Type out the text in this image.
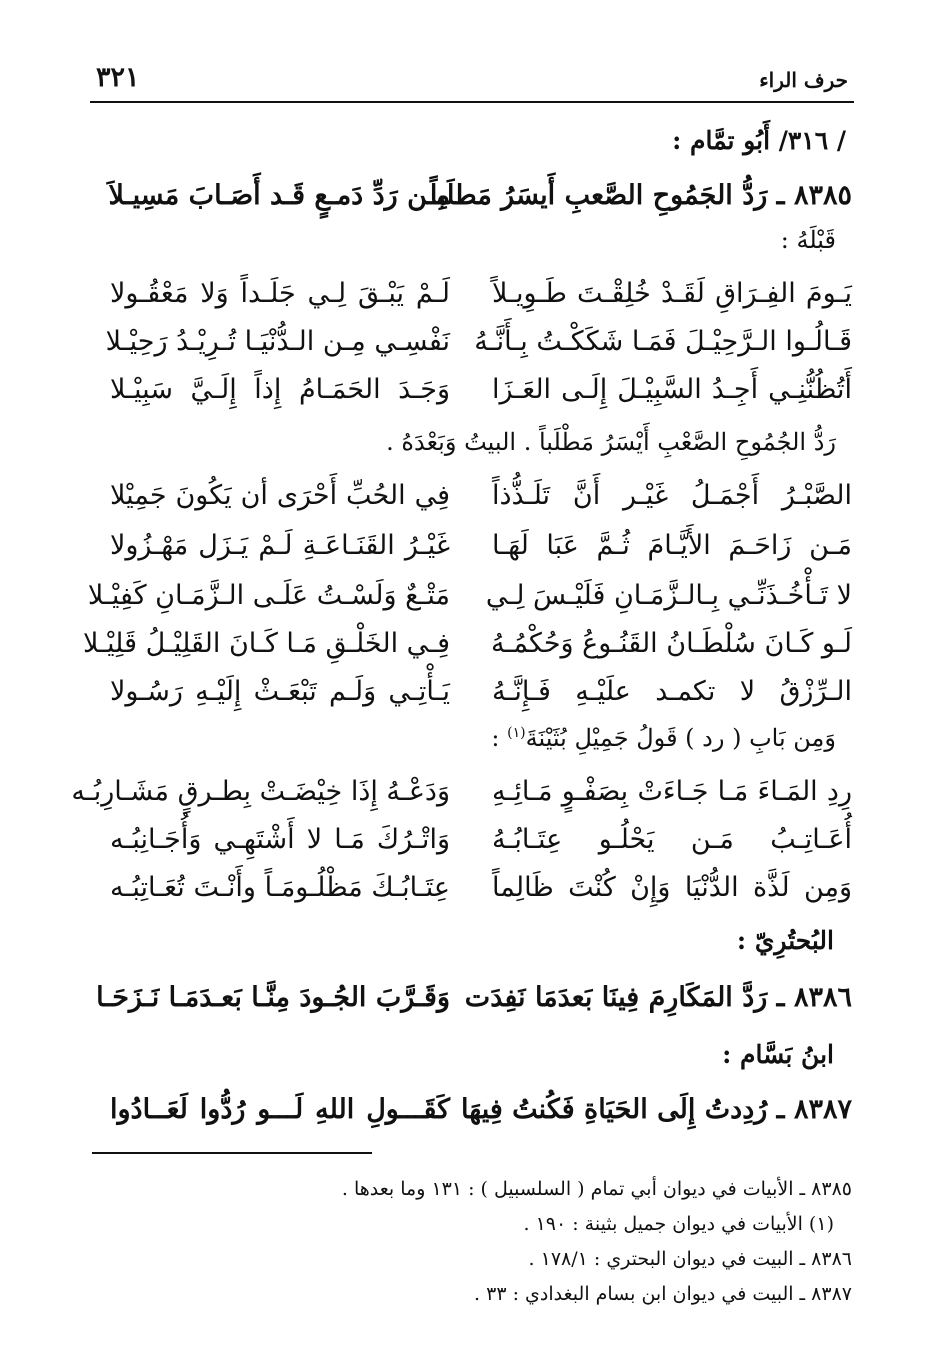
حرف الراء
٣٢١
/ ٣١٦/ أَبُو تمَّام :
٨٣٨٥ ـ رَدُّ الجَمُوحِ الصَّعبِ أَيسَرُ مَطلَباً
مِـن رَدِّ دَمـعٍ قَـد أَصَـابَ مَسِيـلاَ
قَبْلَهُ :
يَـومَ الفِـرَاقِ لَقَـدْ خُلِقْـتَ طَـوِيـلاً
لَـمْ يَبْـقَ لِـي جَلَـداً وَلا مَعْقُـولا
قَـالُـوا الـرَّحِيْـلَ فَمَـا شَكَكْـتُ بِـأَنَّـهُ
نَفْسِـي مِـن الـدُّنْيَـا تُـرِيْـدُ رَحِيْـلا
أَتُظُنُّنِـي أَجِـدُ السَّبِيْـلَ إِلَـى العَـزَا
وَجَـدَ الحَمَـامُ إِذاً إِلَـيَّ سَبِيْـلا
رَدُّ الجُمُوحِ الصَّعْبِ أَيْسَرُ مَطْلَباً . البيتُ وَبَعْدَهُ .
الصَّبْـرُ أَجْمَـلُ غَيْـر أَنَّ تَلَـذُّذاً
فِي الحُبِّ أَحْرَى أن يَكُونَ جَمِيْلا
مَـن زَاحَـمَ الأَيَّـامَ ثُـمَّ عَبَا لَهَـا
غَيْـرُ القَنَـاعَـةِ لَـمْ يَـزَل مَهْـزُولا
لا تَـأْخُـذَنِّـي بِـالـزَّمَـانِ فَلَيْـسَ لِـي
مَتْـعٌ وَلَسْـتُ عَلَـى الـزَّمَـانِ كَفِيْـلا
لَـو كَـانَ سُلْطَـانُ القَنُـوعُ وَحُكْمُـهُ
فِـي الخَلْـقِ مَـا كَـانَ القَلِيْـلُ قَلِيْـلا
الـرِّزْقُ لا تكمـد علَيْـهِ فَـإِنَّـهُ
يَـأْتِـي وَلَـم تَبْعَـثْ إِلَيْـهِ رَسُـولا
وَمِن بَابِ ( رد ) قَولُ جَمِيْلِ بُثَيْنَةَ$^{(١)}$ :
رِدِ المَـاءَ مَـا جَـاءَتْ بِصَفْـوٍ مَـائِـهِ
وَدَعْـهُ إِذَا خِيْضَـتْ بِطـرقٍ مَشَـارِبُـه
أُعَـاتِـبُ مَـن يَحْلُـو عِتَـابُـهُ
وَاتْـرُكَ مَـا لا أَشْتَهِـي وَأُجَـانِبُـه
وَمِن لَذَّة الدُّنْيَا وَإِنْ كُنْتَ ظَالِماً
عِتَـابُـكَ مَظْلُـومَـاً وأَنْـتَ تُعَـاتِبُـه
البُحتُرِيّ :
٨٣٨٦ ـ رَدَّ المَكَارِمَ فِينَا بَعدَمَا نَفِدَت
وَقَـرَّبَ الجُـودَ مِنَّـا بَعـدَمَـا نَـزَحَـا
ابنُ بَسَّام :
٨٣٨٧ ـ رُدِدتُ إِلَى الحَيَاةِ فَكُنتُ فِيهَا
كَقَـــولِ اللهِ لَـــو رُدُّوا لَعَــادُوا
٨٣٨٥ ـ الأبيات في ديوان أبي تمام ( السلسبيل ) : ١٣١ وما بعدها .
(١) الأبيات في ديوان جميل بثينة : ١٩٠ .
٨٣٨٦ ـ البيت في ديوان البحتري : ١٧٨/١ .
٨٣٨٧ ـ البيت في ديوان ابن بسام البغدادي : ٣٣ .
